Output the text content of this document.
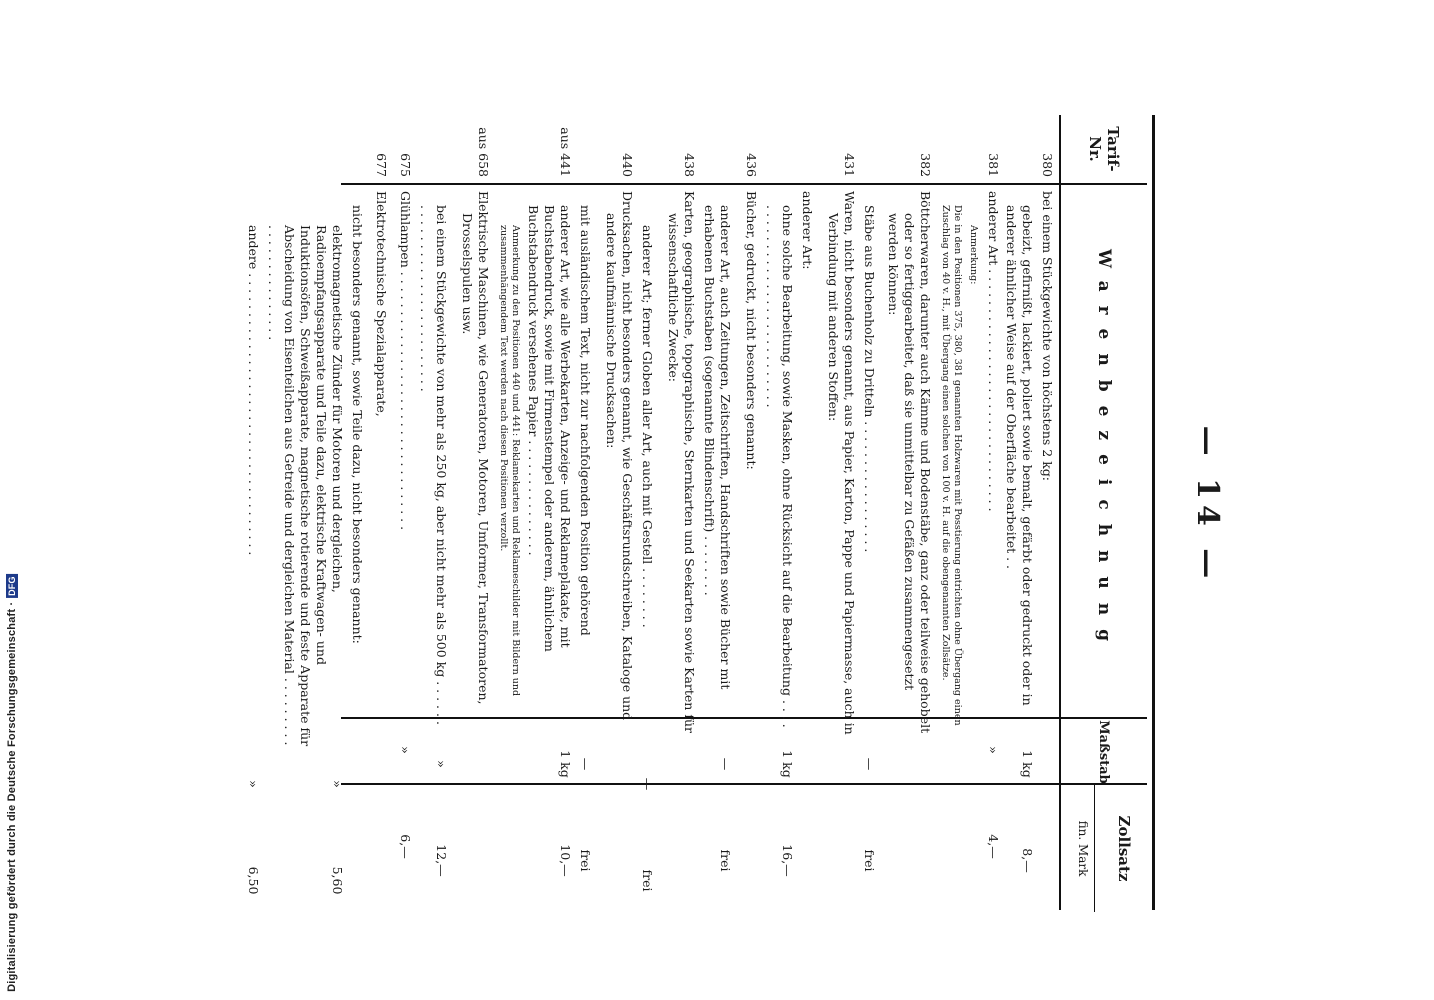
Digitalisierung gefördert durch die Deutsche Forschungsgemeinschaft ·
DFG
— 14 —
Tarif-Nr.
Warenbezeichnung
Maßstab
Zollsatz
fin. Mark
380
bei einem Stückgewichte von höchstens 2 kg:
gebeizt, gefirnißt, lackiert, poliert sowie bemalt, gefärbt oder gedruckt oder in anderer ähnlicher Weise auf der Oberfläche bearbeitet . .
1 kg
8,—
381
anderer Art . . . . . . . . . . . . . . . . . . . . . . . . . . . . . . .
»
4,—
Anmerkung:
Die in den Positionen 375, 380, 381 genannten Holzwaren mit Posstierung entrichten ohne Übergang einen Zuschlag von 40 v. H., mit Übergang einen solchen von 100 v. H. auf die obengenannten Zollsätze.
382
Böttcherwaren, darunter auch Kämme und Bodenstäbe, ganz oder teilweise gehobelt oder so fertiggearbeitet, daß sie unmittelbar zu Gefäßen zusammengesetzt werden können:
Stäbe aus Buchenholz zu Dritteln . . . . . . . . . . . . . . . . .
—
frei
431
Waren, nicht besonders genannt, aus Papier, Karton, Pappe und Papiermasse, auch in Verbindung mit anderen Stoffen:
anderer Art:
ohne solche Bearbeitung, sowie Masken, ohne Rücksicht auf die Bearbeitung . . . . . . . . . . . . . . . . . . . . . . . . . . . . . .
1 kg
16,—
436
Bücher, gedruckt, nicht besonders genannt:
anderer Art, auch Zeitungen, Zeitschriften, Handschriften sowie Bücher mit erhabenen Buchstaben (sogenannte Blindenschrift) . . . . . . . .
—
frei
438
Karten, geographische, topographische, Sternkarten und Seekarten sowie Karten für wissenschaftliche Zwecke:
anderer Art; ferner Globen aller Art, auch mit Gestell . . . . . . . .
—
frei
440
Drucksachen, nicht besonders genannt, wie Geschäftsrundschreiben, Kataloge und andere kaufmännische Drucksachen:
mit ausländischem Text, nicht zur nachfolgenden Position gehörend
—
frei
aus 441
anderer Art, wie alle Werbekarten, Anzeige- und Reklameplakate, mit Buchstabendruck, sowie mit Firmenstempel oder anderem, ähnlichem Buchstabendruck versehenes Papier . . . . . . . . . . . . . . .
1 kg
10,—
Anmerkung zu den Positionen 440 und 441: Reklamekarten und Reklameschilder mit Bildern und zusammenhängendem Text werden nach diesen Positionen verzollt.
aus 658
Elektrische Maschinen, wie Generatoren, Motoren, Umformer, Transformatoren, Drosselspulen usw.
bei einem Stückgewichte von mehr als 250 kg, aber nicht mehr als 500 kg . . . . . . . . . . . . . . . . . . . . . . . . . . . . . .
»
12,—
675
Glühlampen . . . . . . . . . . . . . . . . . . . . . . . . . . . . . . . . .
»
6,—
677
Elektrotechnische Spezialapparate,
nicht besonders genannt, sowie Teile dazu, nicht besonders genannt:
elektromagnetische Zünder für Motoren und dergleichen, Radioempfangsapparate und Teile dazu, elektrische Kraftwagen- und Induktionsöfen, Schweißapparate, magnetische rotierende und feste Apparate für Abscheidung von Eisenteilchen aus Getreide und dergleichen Material . . . . . . . . . . . . . . . . . . . . . . . .
»
5,60
andere . . . . . . . . . . . . . . . . . . . . . . . . . . . . . . . . . . . .
»
6,50
